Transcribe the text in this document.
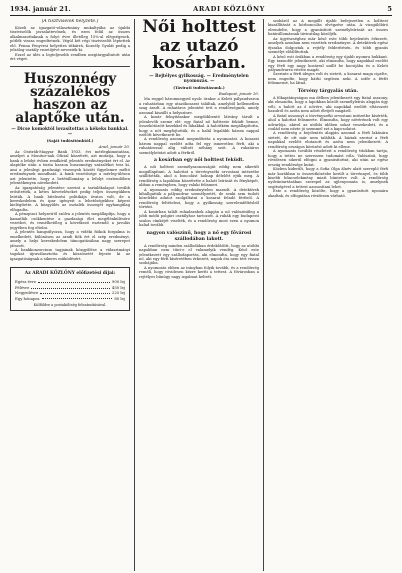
1934. január 21.	ARADI KÖZLÖNY	5
(A tisztviselők helyzete.)

Közeli az igazgató-választmány mukaltyába az újabbi tisztviselők javaslattevőnek, és ezen felül az összes alkalmazottaknak a folyó évre illetőleg 15%-al elégségesek, pótlék vissza engedtetnek. Végül két régi tisztviselőt léptettek elő. Fenna Fenyvesi helyettes titkárrá, Kozsély Gyulát pedig a jelzálog-osztály vezetőjévé nevezték ki.

Ezzel az ülés a legteljesebb rendben megtárgyaltatott után ért véget.

Huszonnégy százalékos haszon az alaptőke után.
— Dicse komoktól lovasítottas a kékeks bankkal. —
(Saját tudósítónktól.)
Arad, január 20.

Az Osztrák-Magyar Bank 1933. évi mérlegkimutatása, amelyet a Monitor-nak Oficial közzétett, azt mutatja, hogy a bank a lefolyt évben rendkívül jelentős eredményeket ért el. Az alaptőke után a tiszta haszon huszonnégy százalékot tesz ki, ami a jelenlegi gazdasági viszonyok között figyelemre méltó eredménynek mondható. A bank vezetősége a mérleg-ülésen azt jelentette, hogy a betétállomány a lefolyt esztendőben jelentékenyen növekedett.

Az igazgatóság jelentése szerint a tartalékalapot tovább erősítették, a kétes követeléseket pedig teljes összegükben leírták. A bank hitelezési politikája óvatos volt, de a kereskedelem és ipar igényeit a lehetőségekhez képest kielégítette. A közgyűlés az osztalék összegét egyhangúlag elfogadta.

A pénzpiaci helyzetről szólva a jelentés megállapítja, hogy a kamatláb csökkentése a gazdasági élet megélénkülésére vezethet, és remélhetőleg a következő esztendő a javulás jegyében fog eltelni.

A jelentés hangsúlyozza, hogy a vidéki fiókok forgalma is emelkedett, különösen az aradi fiók ért el szép eredményt, amely a helyi kereskedelem támogatásában nagy szerepet játszott.

A bankkonzorcium tagjainak közgyűlése a választmányi tagokat újraválasztotta és köszönetét fejezte ki az igazgatóságnak a sikeres működésért.

Az ARADI KÖZLÖNY előfizetési díjai:
Egész évre	900 lej
Félévre	450 lej
Negyedévre	225 lej
Egy hónapra	80 lej
Külföldre a postaköltség felszámításával.
Női holttest
az utazó kosárban.
— Rejtélyes gyilkosság. — Eredménytelen nyomozás. —
(Távirati tudósításunk.)
Budapest, január 20.

Ma reggel háromnegyed nyolc órakor a Keleti pályaudvaron a ruhatárban egy utazókosarat találtak, amelyből kellemetlen szag áradt. A ruhatáros jelentést tett a rendőrségnek, amely azonnal kiszállt a helyszínre.

A kosár felnyitásakor megdöbbentő látvány tárult a jelenlevők szeme elé: egy fiatal nő holtteste feküdt benne, összekötözött kezekkel és lábakkal. A halottkém megállapította, hogy a nőt megfojtották, és a halál legalább három nappal ezelőtt következett be.

A rendőrség azonnal megindította a nyomozást. A kosarat három nappal ezelőtt adta fel egy ismeretlen férfi, aki a ruhatárossal alig váltott néhány szót. A ruhatáros személyleírást adott a férfiról.

a kosárban egy női holttest feküdt.

A női holttest személyazonosságát eddig nem sikerült megállapítani. A halottat a törvényszéki orvostani intézetbe szállították, ahol a boncolást holnap délelőtt ejtik meg. A rendőrség a lapokban közzétette a halott leírását és fényképét, abban a reményben, hogy valaki felismeri.

A nyomozás eddig eredménytelen maradt. A detektívek kihallgatták a pályaudvar személyzetét, de senki sem tudott közelebbi adatot szolgáltatni a kosarat feladó férfiról. A rendőrség feltételezi, hogy a gyilkosság szerelemféltésből történt.

A kosárban talált ruhadarabok alapján a nő valószínűleg a jobb módú polgári osztályhoz tartozott. A ruhák egy budapesti szalon címkéjét viselték, és a rendőrség most ezen a nyomon halad tovább.

nagyon valószínű, hogy a nő egy fővárosi szállodában lakott.

A rendőrség minden szállodában érdeklődött, hogy az utóbbi napokban nem tűnt-e el valamelyik vendég. Késő este jelentkezett egy szállodaportás, aki elmondta, hogy egy fiatal nő, aki egy férfi kíséretében érkezett, napok óta nem tért vissza szobájába.

A nyomozás ebben az irányban folyik tovább, és a rendőrség reméli, hogy rövidesen kézre keríti a tettest. A fővárosban a rejtélyes bűnügy nagy izgalmat keltett.

szobáról az A megállt újabb befejezetlen a holttest kiszállítását a kórboncolás elvégzése után. A vizsgálóbíró elrendelte, hogy a gyanúsított személyleírását az összes határállomásnak táviratilag közöljék.

Az ügyészséghez már késő este több bejelentés érkezett, amelyek azonban nem vezettek eredményre. A detektívek egész éjszaka dolgoztak a rejtély felderítésén, és több gyanús személyt előállítottak.

A késő esti órákban a rendőrség egy újabb nyomra bukkant. Egy taxisofőr jelentkezett, aki elmondta, hogy napokkal ezelőtt egy férfi egy nagy kosárral szállt be kocsijába és a Keleti pályaudvarra vitette magát.

Szerinte a férfi ideges volt és sietett, a kosarat maga cipelte, nem engedte, hogy bárki segítsen neki. A sofőr a férfit felismerné, ha látná.

Törvény tárgyalás után.

A főkapitányságon ma délben jelentkezett egy fiatal asszony, aki elmondta, hogy a lapokban közölt személyleírás alapján úgy véli, a halott az ő nővére, aki napokkal ezelőtt eltávozott hazulról és azóta nem adott életjelt magáról.

A fiatal asszonyt a törvényszéki orvostani intézetbe kísérték, ahol a halottat felismerte. Elmondta, hogy nővérének volt egy udvarlója, akivel az utóbbi időben sokat veszekedett, és a család nem nézte jó szemmel ezt a kapcsolatot.

A rendőrség a bejelentés alapján azonnal a férfi lakására sietett, de ott már nem találták. A háziak szerint a férfi napokkal ezelőtt elutazott és azóta nem jelentkezett. A rendőrség országos körözést adott ki ellene.

A nyomozás további részleteit a rendőrség titokban tartja, hogy a tettes ne szerezzen tudomást róla. Valószínű, hogy rövidesen sikerül elfogni a gyanúsítottat, aki után az egész ország rendőrsége kutat.

Közben kiderült, hogy a Sofia Olga álnév alatt szereplő férfi már korábban is összeütközésbe került a törvénnyel, és több kisebb bűncselekmény miatt büntetve volt. A rendőrség nyilvántartásában szerepel az ujjlenyomata is, amelynek segítségével a tettest azonosítani lehet.

Este a rendőrség közölte, hogy a gyanúsított nyomára akadtak, és elfogatása rövidesen várható.
